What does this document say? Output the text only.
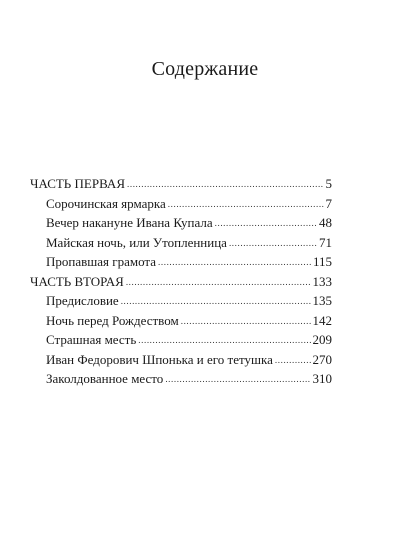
Содержание
ЧАСТЬ ПЕРВАЯ .....	5
Сорочинская ярмарка .....	7
Вечер накануне Ивана Купала .....	48
Майская ночь, или Утопленница .....	71
Пропавшая грамота .....	115
ЧАСТЬ ВТОРАЯ .....	133
Предисловие .....	135
Ночь перед Рождеством .....	142
Страшная месть .....	209
Иван Федорович Шпонька и его тетушка .....	270
Заколдованное место .....	310
